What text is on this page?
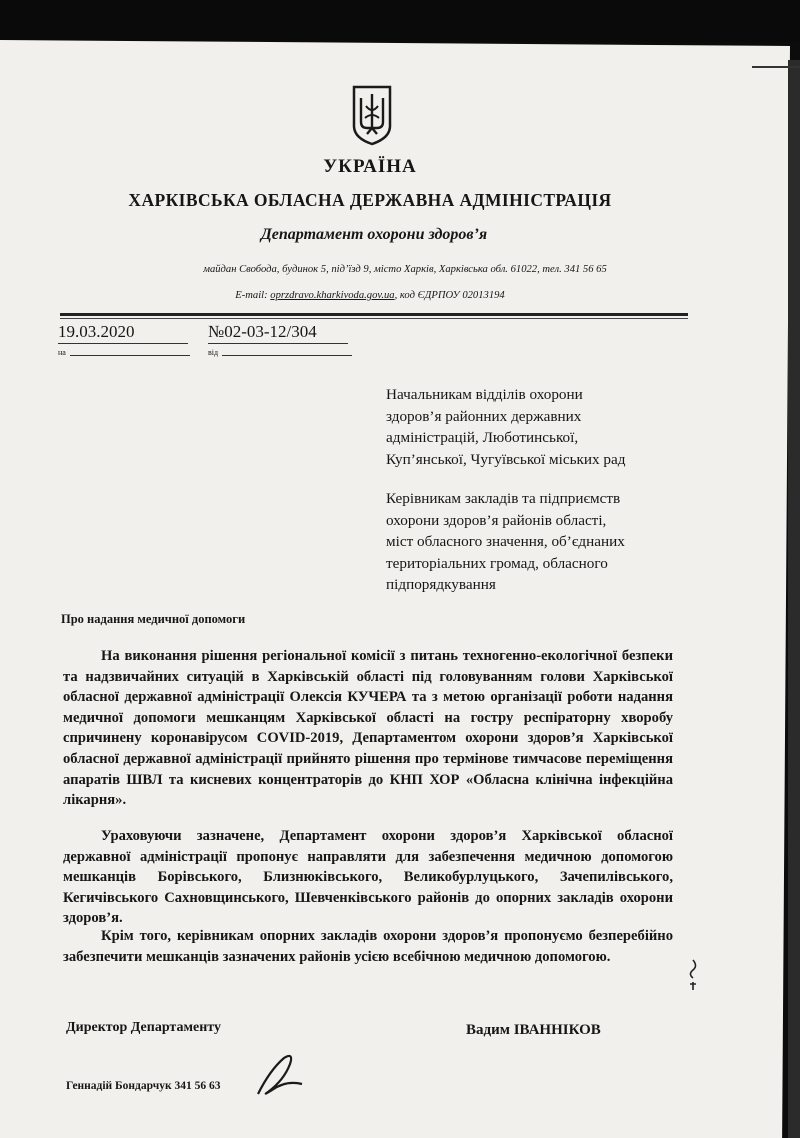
УКРАЇНА
ХАРКІВСЬКА ОБЛАСНА ДЕРЖАВНА АДМІНІСТРАЦІЯ
Департамент охорони здоров’я
майдан Свобода, будинок 5, під’їзд 9, місто Харків, Харківська обл. 61022, тел. 341 56 65
E-mail: oprzdravo.kharkivoda.gov.ua, код ЄДРПОУ 02013194
19.03.2020	№02-03-12/304
на	від
Начальникам відділів охорони
здоров’я районних державних
адміністрацій, Люботинської,
Куп’янської, Чугуївської міських рад
Керівникам закладів та підприємств
охорони здоров’я районів області,
міст обласного значення, об’єднаних
територіальних громад, обласного
підпорядкування
Про надання медичної допомоги
На виконання рішення регіональної комісії з питань техногенно-екологічної безпеки та надзвичайних ситуацій в Харківській області під головуванням голови Харківської обласної державної адміністрації Олексія КУЧЕРА та з метою організації роботи надання медичної допомоги мешканцям Харківської області на гостру респіраторну хворобу спричинену коронавірусом COVID-2019, Департаментом охорони здоров’я Харківської обласної державної адміністрації прийнято рішення про термінове тимчасове переміщення апаратів ШВЛ та кисневих концентраторів до КНП ХОР «Обласна клінічна інфекційна лікарня».
Ураховуючи зазначене, Департамент охорони здоров’я Харківської обласної державної адміністрації пропонує направляти для забезпечення медичною допомогою мешканців Борівського, Близнюківського, Великобурлуцького, Зачепилівського, Кегичівського Сахновщинського, Шевченківського районів до опорних закладів охорони здоров’я.
Крім того, керівникам опорних закладів охорони здоров’я пропонуємо безперебійно забезпечити мешканців зазначених районів усією всебічною медичною допомогою.
Директор Департаменту	Вадим ІВАННІКОВ
Геннадій Бондарчук 341 56 63
